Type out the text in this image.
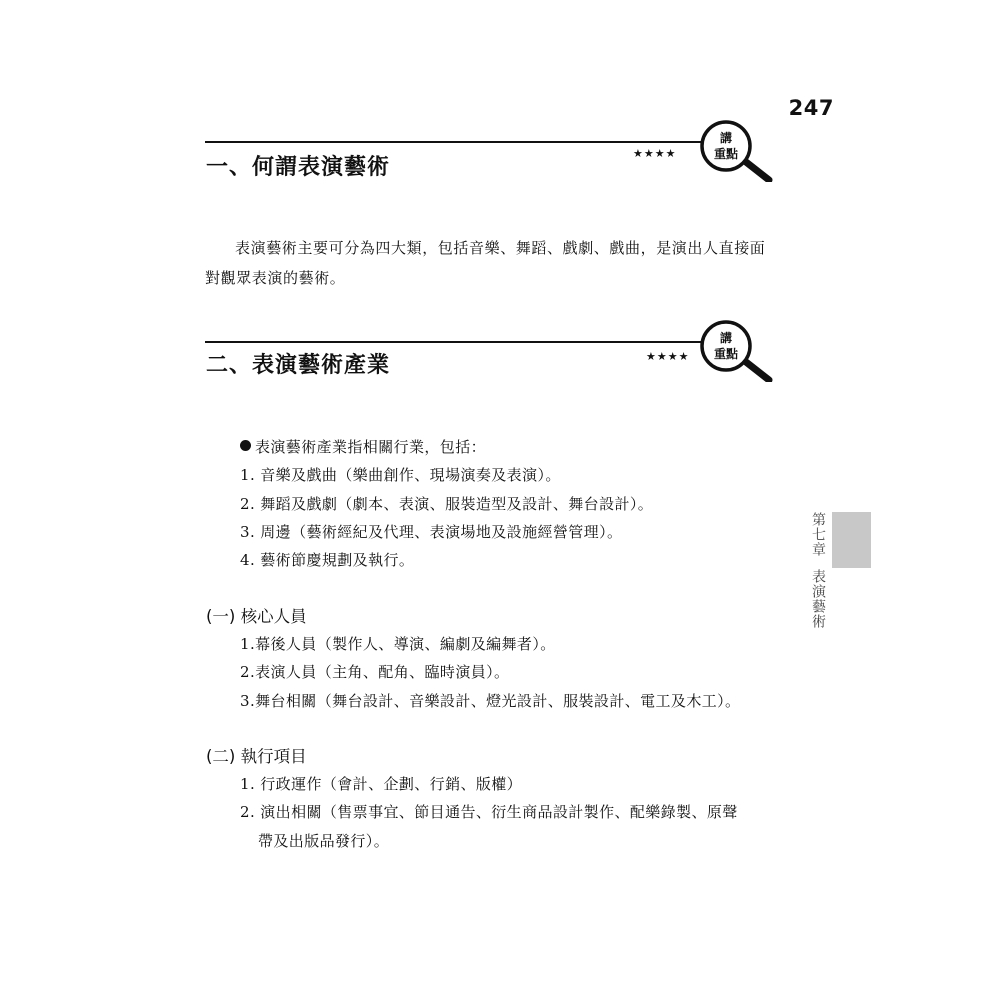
247
第七章表演藝術
一、何謂表演藝術
★★★★
講
重點
表演藝術主要可分為四大類，包括音樂、舞蹈、戲劇、戲曲，是演出人直接面對觀眾表演的藝術。
二、表演藝術產業	★★★★
講
重點
表演藝術產業指相關行業，包括：
1. 音樂及戲曲（樂曲創作、現場演奏及表演）。
2. 舞蹈及戲劇（劇本、表演、服裝造型及設計、舞台設計）。
3. 周邊（藝術經紀及代理、表演場地及設施經營管理）。
4. 藝術節慶規劃及執行。
(一) 核心人員
1.幕後人員（製作人、導演、編劇及編舞者）。
2.表演人員（主角、配角、臨時演員）。
3.舞台相關（舞台設計、音樂設計、燈光設計、服裝設計、電工及木工）。
(二) 執行項目
1. 行政運作（會計、企劃、行銷、版權）
2. 演出相關（售票事宜、節目通告、衍生商品設計製作、配樂錄製、原聲
帶及出版品發行）。
